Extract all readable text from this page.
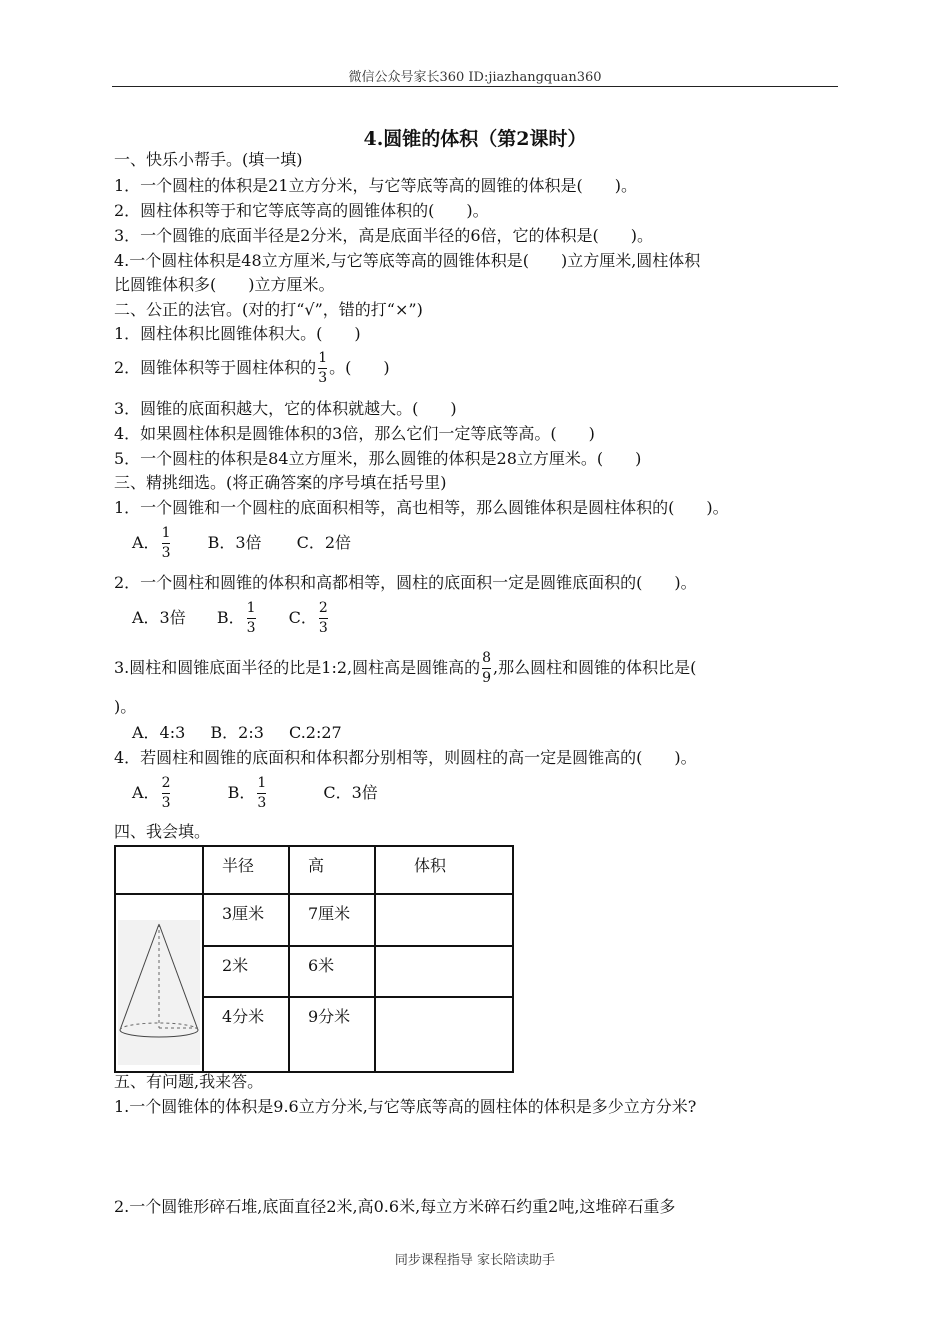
微信公众号家长360 ID:jiazhangquan360
4.圆锥的体积（第2课时）
一、快乐小帮手。(填一填)
1．一个圆柱的体积是21立方分米，与它等底等高的圆锥的体积是(　　)。
2．圆柱体积等于和它等底等高的圆锥体积的(　　)。
3．一个圆锥的底面半径是2分米，高是底面半径的6倍，它的体积是(　　)。
4.一个圆柱体积是48立方厘米,与它等底等高的圆锥体积是(　　)立方厘米,圆柱体积
比圆锥体积多(　　)立方厘米。
二、公正的法官。(对的打“√”，错的打“×”)
1．圆柱体积比圆锥体积大。(　　)
2．圆锥体积等于圆柱体积的 $\frac{1}{3}$ 。(　　)
3．圆锥的底面积越大，它的体积就越大。(　　)
4．如果圆柱体积是圆锥体积的3倍，那么它们一定等底等高。(　　)
5．一个圆柱的体积是84立方厘米，那么圆锥的体积是28立方厘米。(　　)
三、精挑细选。(将正确答案的序号填在括号里)
1．一个圆锥和一个圆柱的底面积相等，高也相等，那么圆锥体积是圆柱体积的(　　)。
A． $\frac{1}{3}$ B．3倍 C．2倍
2．一个圆柱和圆锥的体积和高都相等，圆柱的底面积一定是圆锥底面积的(　　)。
A．3倍 B． $\frac{1}{3}$ C． $\frac{2}{3}$
3.圆柱和圆锥底面半径的比是1:2,圆柱高是圆锥高的 $\frac{8}{9}$ ,那么圆柱和圆锥的体积比是(
)。
A．4:3 B．2:3 C.2:27
4．若圆柱和圆锥的底面积和体积都分别相等，则圆柱的高一定是圆锥高的(　　)。
A． $\frac{2}{3}$	B． $\frac{1}{3}$	C．3倍
四、我会填。
	半径	高	体积
	3厘米	7厘米	
	2米	6米	
	4分米	9分米	
五、有问题,我来答。
1.一个圆锥体的体积是9.6立方分米,与它等底等高的圆柱体的体积是多少立方分米?
2.一个圆锥形碎石堆,底面直径2米,高0.6米,每立方米碎石约重2吨,这堆碎石重多
同步课程指导 家长陪读助手
